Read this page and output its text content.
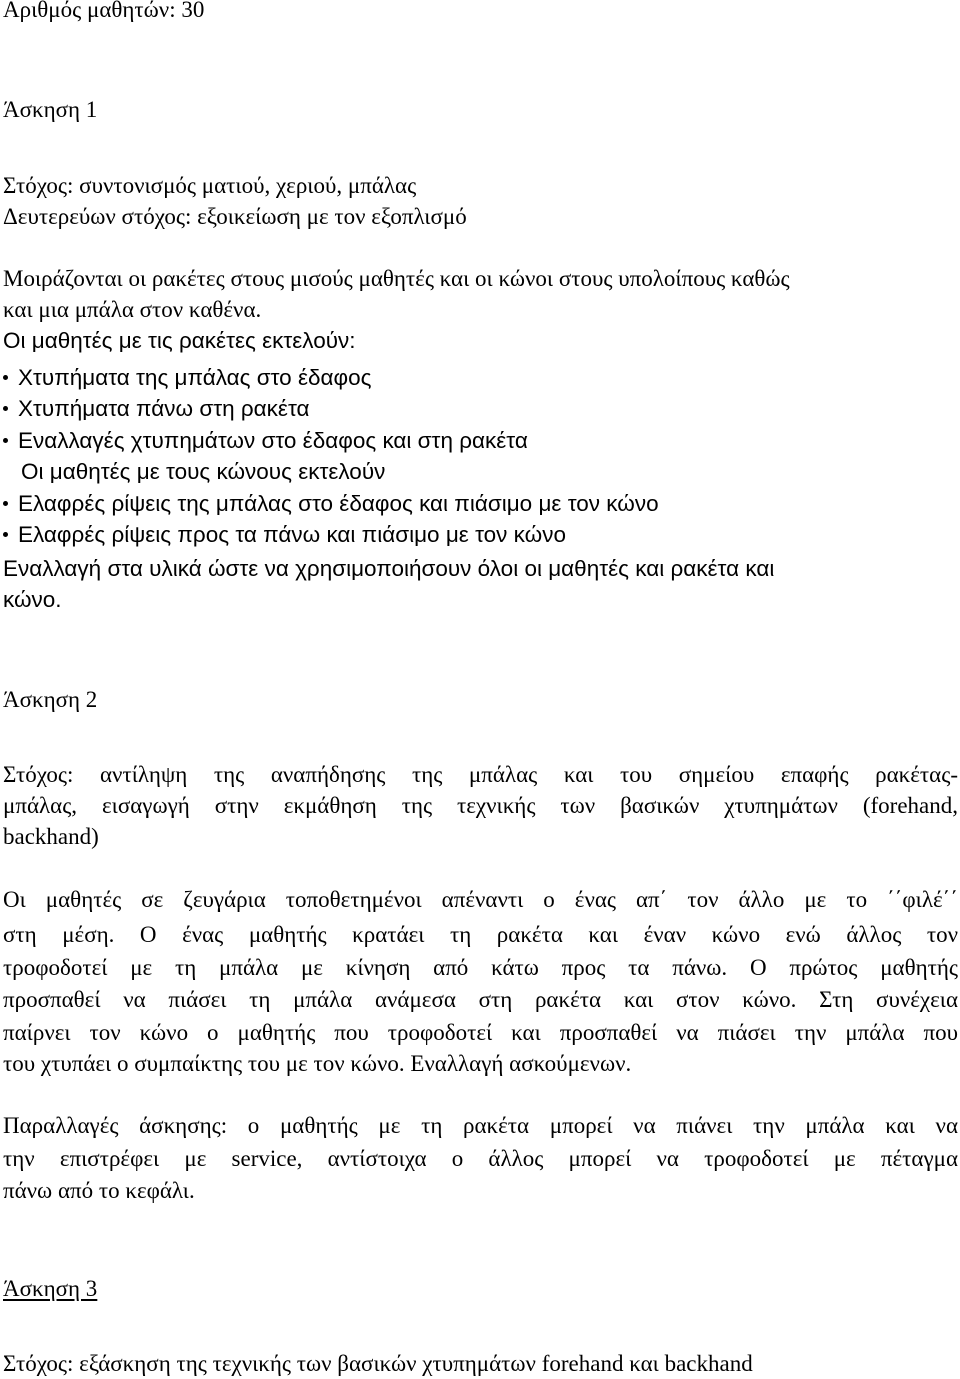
Αριθμός μαθητών: 30
Άσκηση 1
Στόχος: συντονισμός ματιού, χεριού, μπάλας
Δευτερεύων στόχος: εξοικείωση με τον εξοπλισμό
Μοιράζονται οι ρακέτες στους μισούς μαθητές και οι κώνοι στους υπολοίπους καθώς
και μια μπάλα στον καθένα.
Οι μαθητές με τις ρακέτες εκτελούν:
Χτυπήματα της μπάλας στο έδαφος
Χτυπήματα πάνω στη ρακέτα
Εναλλαγές χτυπημάτων στο έδαφος και στη ρακέτα
Οι μαθητές με τους κώνους εκτελούν
Ελαφρές ρίψεις της μπάλας στο έδαφος και πιάσιμο με τον κώνο
Ελαφρές ρίψεις προς τα πάνω και πιάσιμο με τον κώνο
Εναλλαγή στα υλικά ώστε να χρησιμοποιήσουν όλοι οι μαθητές και ρακέτα και
κώνο.
Άσκηση 2
Στόχος: αντίληψη της αναπήδησης της μπάλας και του σημείου επαφής ρακέτας-
μπάλας, εισαγωγή στην εκμάθηση της τεχνικής των βασικών χτυπημάτων (forehand,
backhand)
Οι μαθητές σε ζευγάρια τοποθετημένοι απέναντι ο ένας απ΄ τον άλλο με το ΄΄φιλέ΄΄
στη μέση. Ο ένας μαθητής κρατάει τη ρακέτα και έναν κώνο ενώ άλλος τον
τροφοδοτεί με τη μπάλα με κίνηση από κάτω προς τα πάνω. Ο πρώτος μαθητής
προσπαθεί να πιάσει τη μπάλα ανάμεσα στη ρακέτα και στον κώνο. Στη συνέχεια
παίρνει τον κώνο ο μαθητής που τροφοδοτεί και προσπαθεί να πιάσει την μπάλα που
του χτυπάει ο συμπαίκτης του με τον κώνο. Εναλλαγή ασκούμενων.
Παραλλαγές άσκησης: ο μαθητής με τη ρακέτα μπορεί να πιάνει την μπάλα και να
την επιστρέφει με service, αντίστοιχα ο άλλος μπορεί να τροφοδοτεί με πέταγμα
πάνω από το κεφάλι.
Άσκηση 3
Στόχος: εξάσκηση της τεχνικής των βασικών χτυπημάτων forehand και backhand
